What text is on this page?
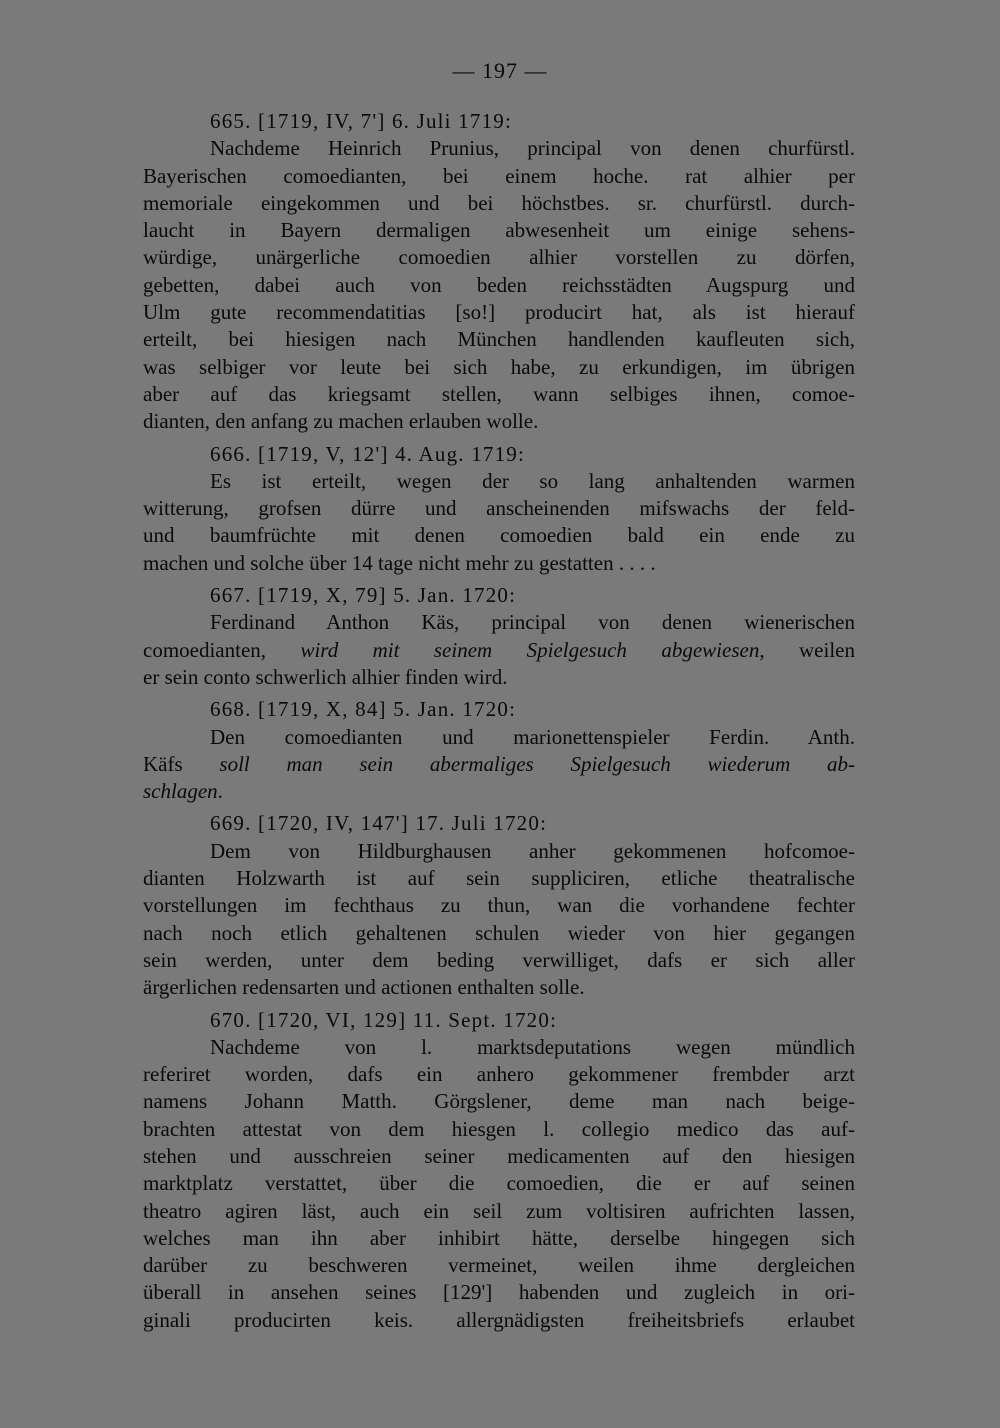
— 197 —
665. [1719, IV, 7'] 6. Juli 1719:
Nachdeme Heinrich Prunius, principal von denen churfürstl.
Bayerischen comoedianten, bei einem hoche. rat alhier per
memoriale eingekommen und bei höchstbes. sr. churfürstl. durch-
laucht in Bayern dermaligen abwesenheit um einige sehens-
würdige, unärgerliche comoedien alhier vorstellen zu dörfen,
gebetten, dabei auch von beden reichsstädten Augspurg und
Ulm gute recommendatitias [so!] producirt hat, als ist hierauf
erteilt, bei hiesigen nach München handlenden kaufleuten sich,
was selbiger vor leute bei sich habe, zu erkundigen, im übrigen
aber auf das kriegsamt stellen, wann selbiges ihnen, comoe-
dianten, den anfang zu machen erlauben wolle.
666. [1719, V, 12'] 4. Aug. 1719:
Es ist erteilt, wegen der so lang anhaltenden warmen
witterung, grofsen dürre und anscheinenden mifswachs der feld-
und baumfrüchte mit denen comoedien bald ein ende zu
machen und solche über 14 tage nicht mehr zu gestatten . . . .
667. [1719, X, 79] 5. Jan. 1720:
Ferdinand Anthon Käs, principal von denen wienerischen
comoedianten, wird mit seinem Spielgesuch abgewiesen, weilen
er sein conto schwerlich alhier finden wird.
668. [1719, X, 84] 5. Jan. 1720:
Den comoedianten und marionettenspieler Ferdin. Anth.
Käfs soll man sein abermaliges Spielgesuch wiederum ab-
schlagen.
669. [1720, IV, 147'] 17. Juli 1720:
Dem von Hildburghausen anher gekommenen hofcomoe-
dianten Holzwarth ist auf sein suppliciren, etliche theatralische
vorstellungen im fechthaus zu thun, wan die vorhandene fechter
nach noch etlich gehaltenen schulen wieder von hier gegangen
sein werden, unter dem beding verwilliget, dafs er sich aller
ärgerlichen redensarten und actionen enthalten solle.
670. [1720, VI, 129] 11. Sept. 1720:
Nachdeme von l. marktsdeputations wegen mündlich
referiret worden, dafs ein anhero gekommener frembder arzt
namens Johann Matth. Görgslener, deme man nach beige-
brachten attestat von dem hiesgen l. collegio medico das auf-
stehen und ausschreien seiner medicamenten auf den hiesigen
marktplatz verstattet, über die comoedien, die er auf seinen
theatro agiren läst, auch ein seil zum voltisiren aufrichten lassen,
welches man ihn aber inhibirt hätte, derselbe hingegen sich
darüber zu beschweren vermeinet, weilen ihme dergleichen
überall in ansehen seines [129'] habenden und zugleich in ori-
ginali producirten keis. allergnädigsten freiheitsbriefs erlaubet
